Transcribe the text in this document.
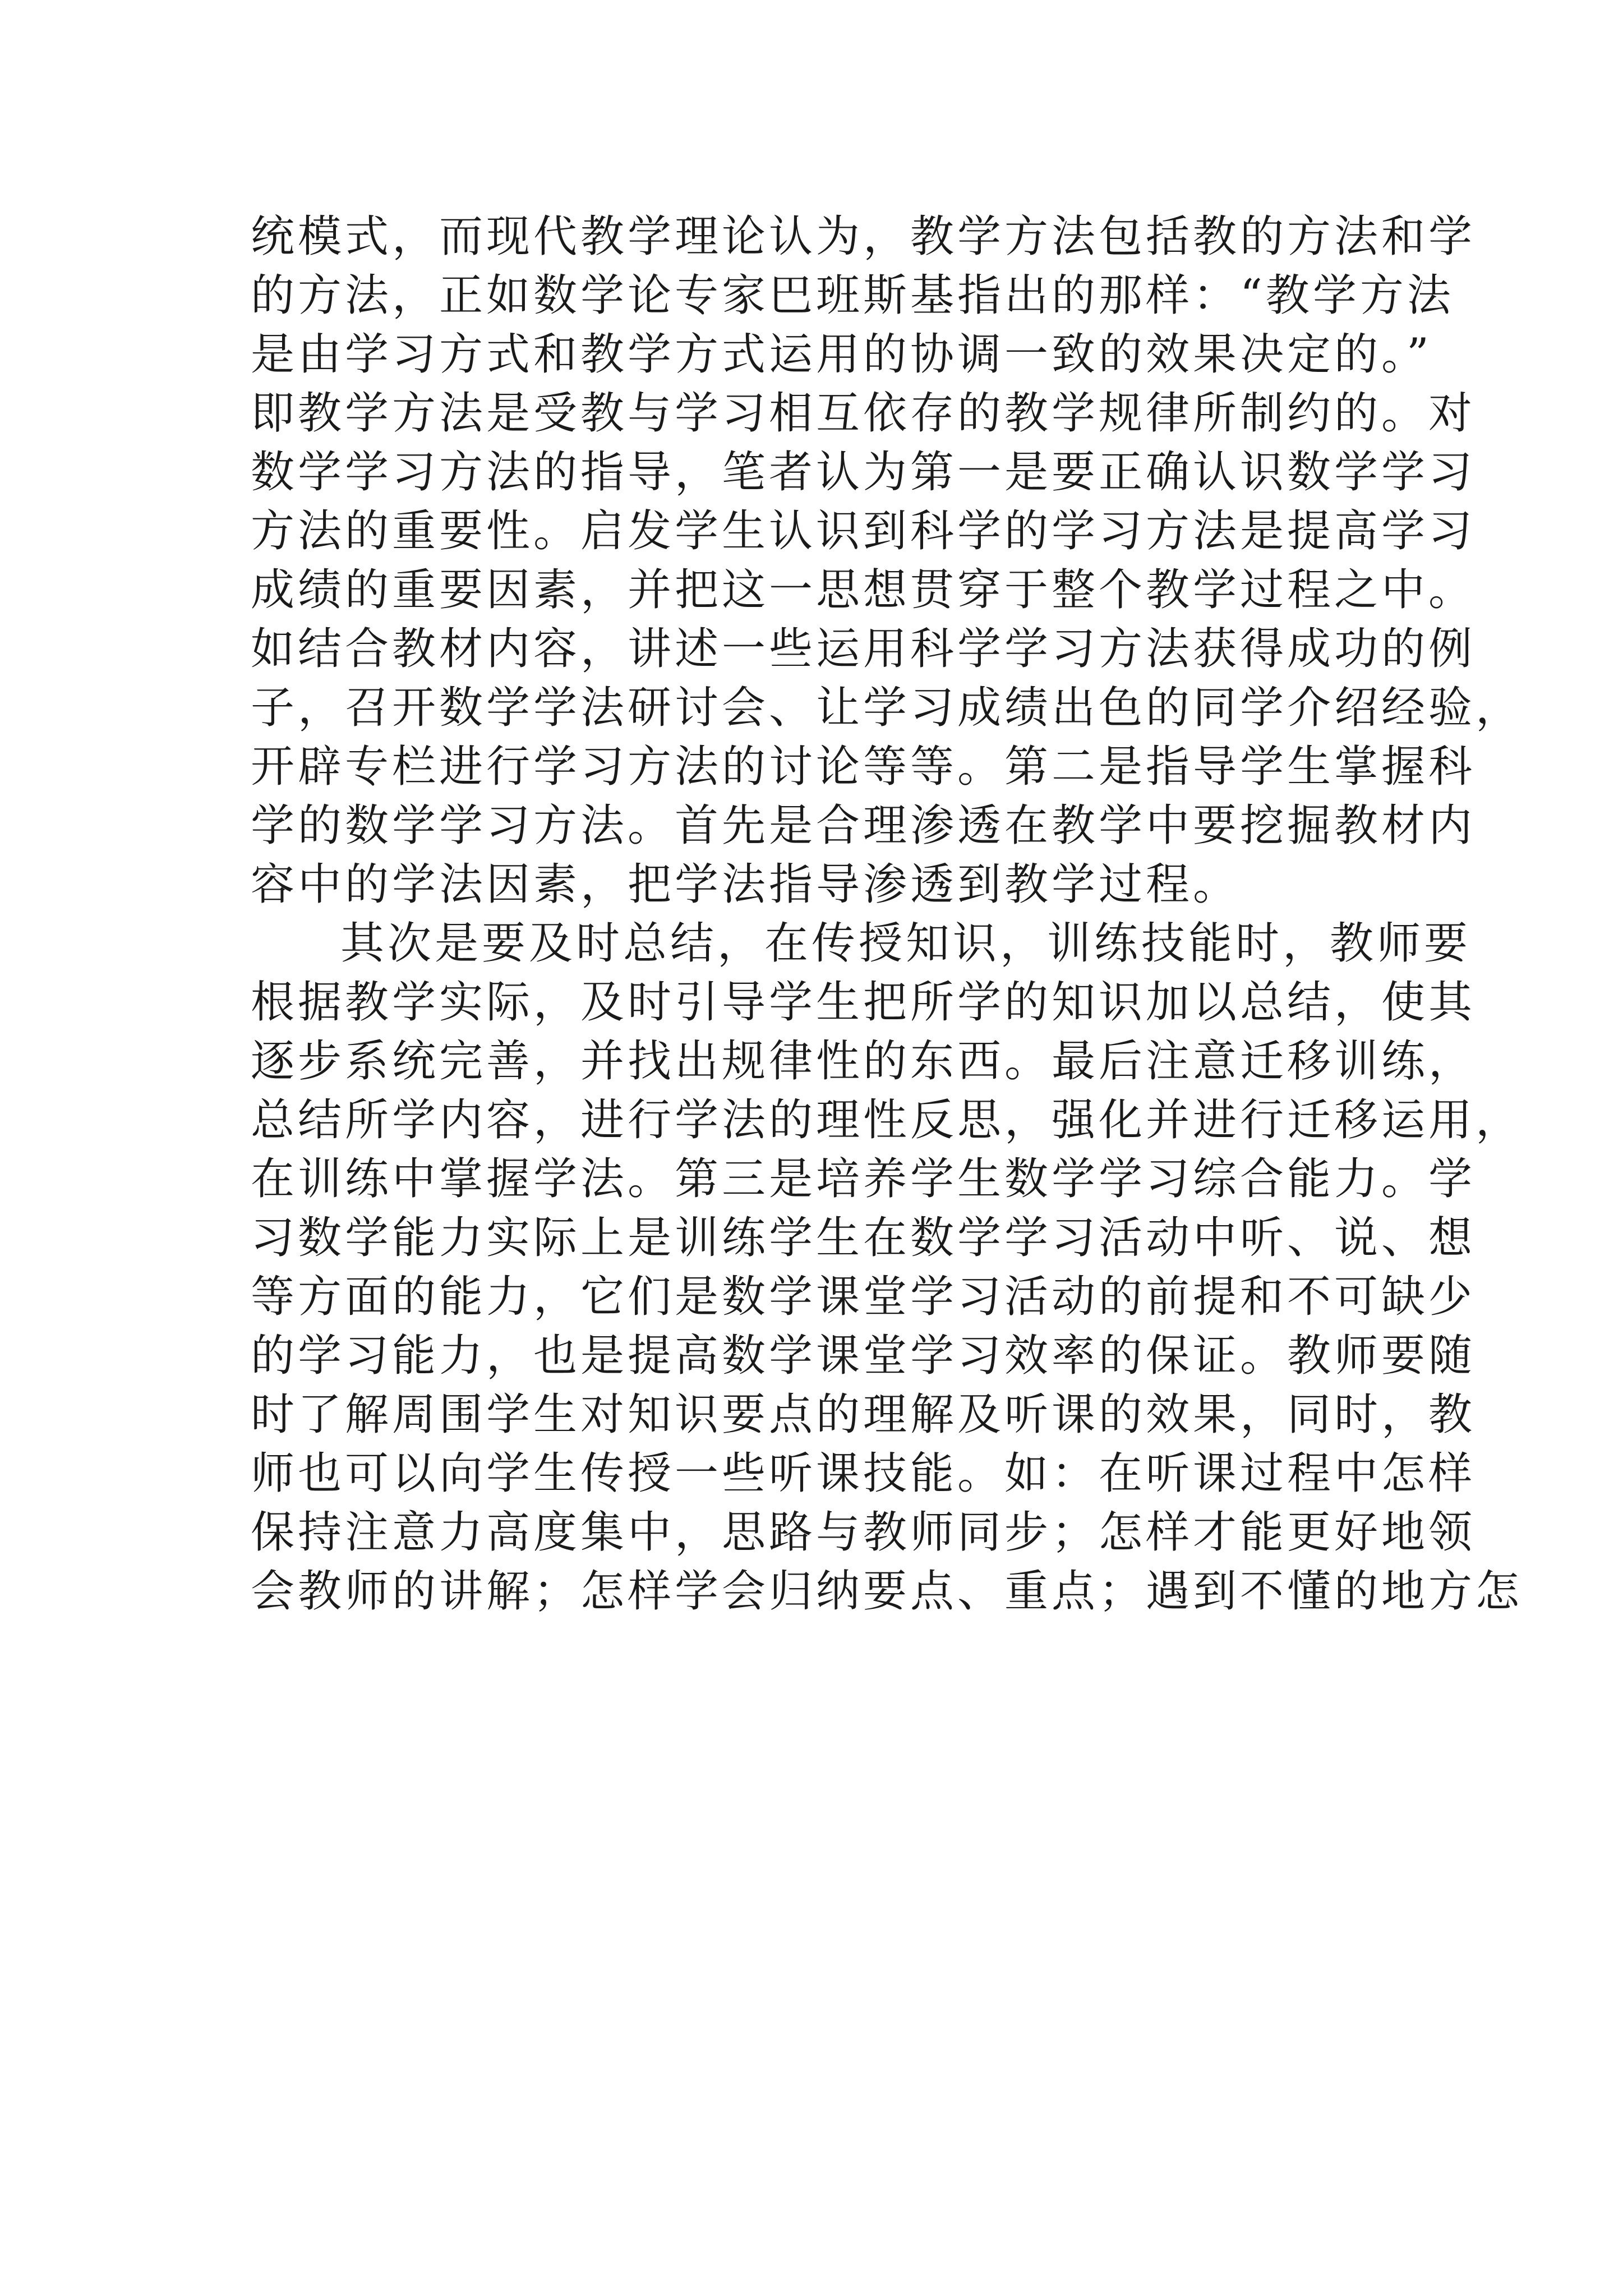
统模式，而现代教学理论认为，教学方法包括教的方法和学
的方法，正如数学论专家巴班斯基指出的那样：“教学方法
是由学习方式和教学方式运用的协调一致的效果决定的。”
即教学方法是受教与学习相互依存的教学规律所制约的。对
数学学习方法的指导，笔者认为第一是要正确认识数学学习
方法的重要性。启发学生认识到科学的学习方法是提高学习
成绩的重要因素，并把这一思想贯穿于整个教学过程之中。
如结合教材内容，讲述一些运用科学学习方法获得成功的例
子，召开数学学法研讨会、让学习成绩出色的同学介绍经验，
开辟专栏进行学习方法的讨论等等。第二是指导学生掌握科
学的数学学习方法。首先是合理渗透在教学中要挖掘教材内
容中的学法因素，把学法指导渗透到教学过程。
其次是要及时总结，在传授知识，训练技能时，教师要
根据教学实际，及时引导学生把所学的知识加以总结，使其
逐步系统完善，并找出规律性的东西。最后注意迁移训练，
总结所学内容，进行学法的理性反思，强化并进行迁移运用，
在训练中掌握学法。第三是培养学生数学学习综合能力。学
习数学能力实际上是训练学生在数学学习活动中听、说、想
等方面的能力，它们是数学课堂学习活动的前提和不可缺少
的学习能力，也是提高数学课堂学习效率的保证。教师要随
时了解周围学生对知识要点的理解及听课的效果，同时，教
师也可以向学生传授一些听课技能。如：在听课过程中怎样
保持注意力高度集中，思路与教师同步；怎样才能更好地领
会教师的讲解；怎样学会归纳要点、重点；遇到不懂的地方怎
